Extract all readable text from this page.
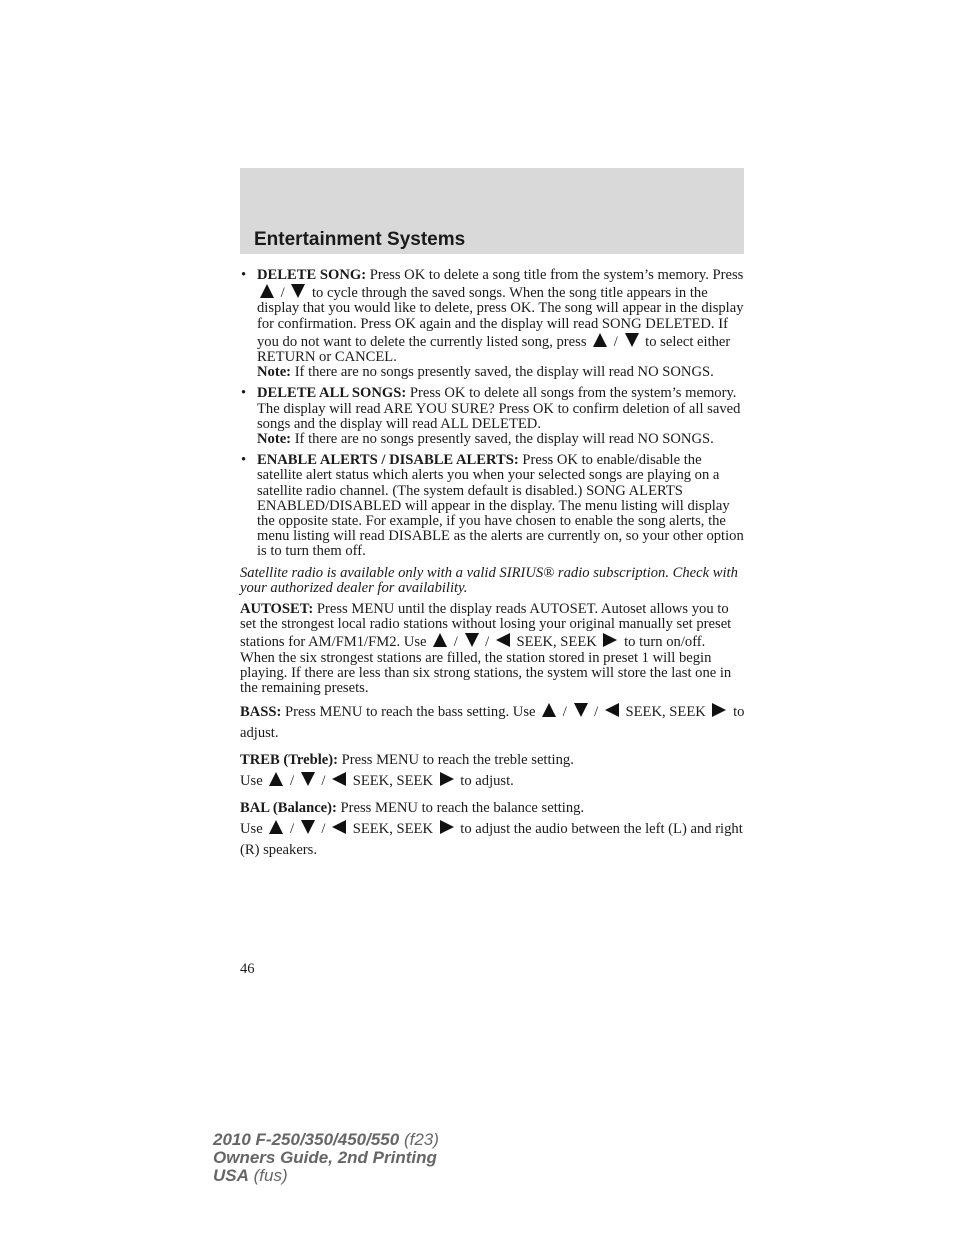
Entertainment Systems
• DELETE SONG: Press OK to delete a song title from the system’s memory. Press
/
to cycle through the saved songs. When the song title appears in the display that you would like to delete, press OK. The song will appear in the display for confirmation. Press OK again and the display will read SONG DELETED. If you do not want to delete the currently listed song, press
/
to select either RETURN or CANCEL.
Note: If there are no songs presently saved, the display will read NO SONGS.
• DELETE ALL SONGS: Press OK to delete all songs from the system’s memory. The display will read ARE YOU SURE? Press OK to confirm deletion of all saved songs and the display will read ALL DELETED.
Note: If there are no songs presently saved, the display will read NO SONGS.
• ENABLE ALERTS / DISABLE ALERTS: Press OK to enable/disable the satellite alert status which alerts you when your selected songs are playing on a satellite radio channel. (The system default is disabled.) SONG ALERTS ENABLED/DISABLED will appear in the display. The menu listing will display the opposite state. For example, if you have chosen to enable the song alerts, the menu listing will read DISABLE as the alerts are currently on, so your other option is to turn them off.

Satellite radio is available only with a valid SIRIUS® radio subscription. Check with your authorized dealer for availability.

AUTOSET: Press MENU until the display reads AUTOSET. Autoset allows you to set the strongest local radio stations without losing your original manually set preset stations for AM/FM1/FM2. Use
/
/
SEEK, SEEK
to turn on/off.

When the six strongest stations are filled, the station stored in preset 1 will begin playing. If there are less than six strong stations, the system will store the last one in the remaining presets.

BASS: Press MENU to reach the bass setting. Use
/
/
SEEK, SEEK
to adjust.

TREB (Treble): Press MENU to reach the treble setting.
Use
/
/
SEEK, SEEK
to adjust.

BAL (Balance): Press MENU to reach the balance setting.
Use
/
/
SEEK, SEEK
to adjust the audio between the left (L) and right (R) speakers.

46
2010 F-250/350/450/550 (f23)
Owners Guide, 2nd Printing
USA (fus)
